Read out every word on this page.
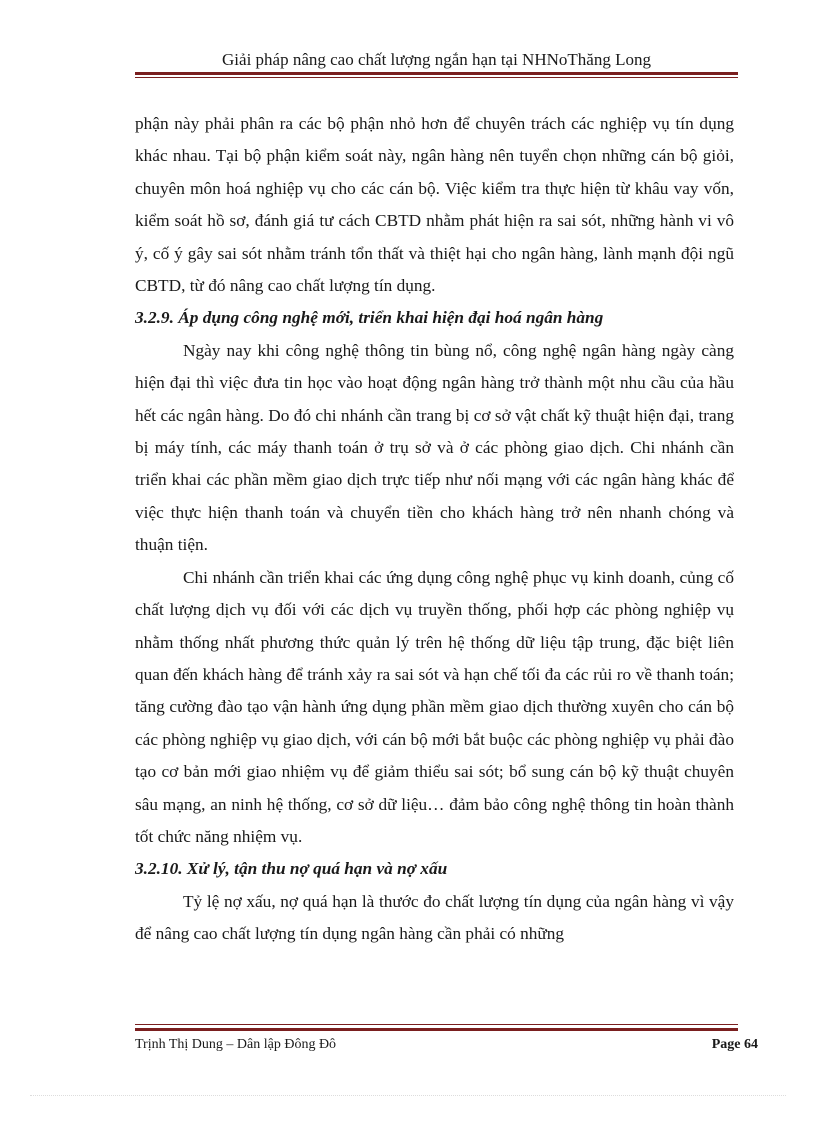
Giải pháp nâng cao chất lượng ngắn hạn tại NHNoThăng Long

phận này phải phân ra các bộ phận nhỏ hơn để chuyên trách các nghiệp vụ tín dụng khác nhau. Tại bộ phận kiểm soát này, ngân hàng nên tuyển chọn những cán bộ giỏi, chuyên môn hoá nghiệp vụ cho các cán bộ. Việc kiểm tra thực hiện từ khâu vay vốn, kiểm soát hồ sơ, đánh giá tư cách CBTD nhằm phát hiện ra sai sót, những hành vi vô ý, cố ý gây sai sót nhằm tránh tổn thất và thiệt hại cho ngân hàng, lành mạnh đội ngũ CBTD, từ đó nâng cao chất lượng tín dụng.

3.2.9. Áp dụng công nghệ mới, triển khai hiện đại hoá ngân hàng

Ngày nay khi công nghệ thông tin bùng nổ, công nghệ ngân hàng ngày càng hiện đại thì việc đưa tin học vào hoạt động ngân hàng trở thành một nhu cầu của hầu hết các ngân hàng. Do đó chi nhánh cần trang bị cơ sở vật chất kỹ thuật hiện đại, trang bị máy tính, các máy thanh toán ở trụ sở và ở các phòng giao dịch. Chi nhánh cần triển khai các phần mềm giao dịch trực tiếp như nối mạng với các ngân hàng khác để việc thực hiện thanh toán và chuyển tiền cho khách hàng trở nên nhanh chóng và thuận tiện.

Chi nhánh cần triển khai các ứng dụng công nghệ phục vụ kinh doanh, củng cố chất lượng dịch vụ đối với các dịch vụ truyền thống, phối hợp các phòng nghiệp vụ nhằm thống nhất phương thức quản lý trên hệ thống dữ liệu tập trung, đặc biệt liên quan đến khách hàng để tránh xảy ra sai sót và hạn chế tối đa các rủi ro về thanh toán; tăng cường đào tạo vận hành ứng dụng phần mềm giao dịch thường xuyên cho cán bộ các phòng nghiệp vụ giao dịch, với cán bộ mới bắt buộc các phòng nghiệp vụ phải đào tạo cơ bản mới giao nhiệm vụ để giảm thiểu sai sót; bổ sung cán bộ kỹ thuật chuyên sâu mạng, an ninh hệ thống, cơ sở dữ liệu… đảm bảo công nghệ thông tin hoàn thành tốt chức năng nhiệm vụ.

3.2.10. Xử lý, tận thu nợ quá hạn và nợ xấu

Tỷ lệ nợ xấu, nợ quá hạn là thước đo chất lượng tín dụng của ngân hàng vì vậy để nâng cao chất lượng tín dụng ngân hàng cần phải có những

Trịnh Thị Dung – Dân lập Đông Đô	Page 64
